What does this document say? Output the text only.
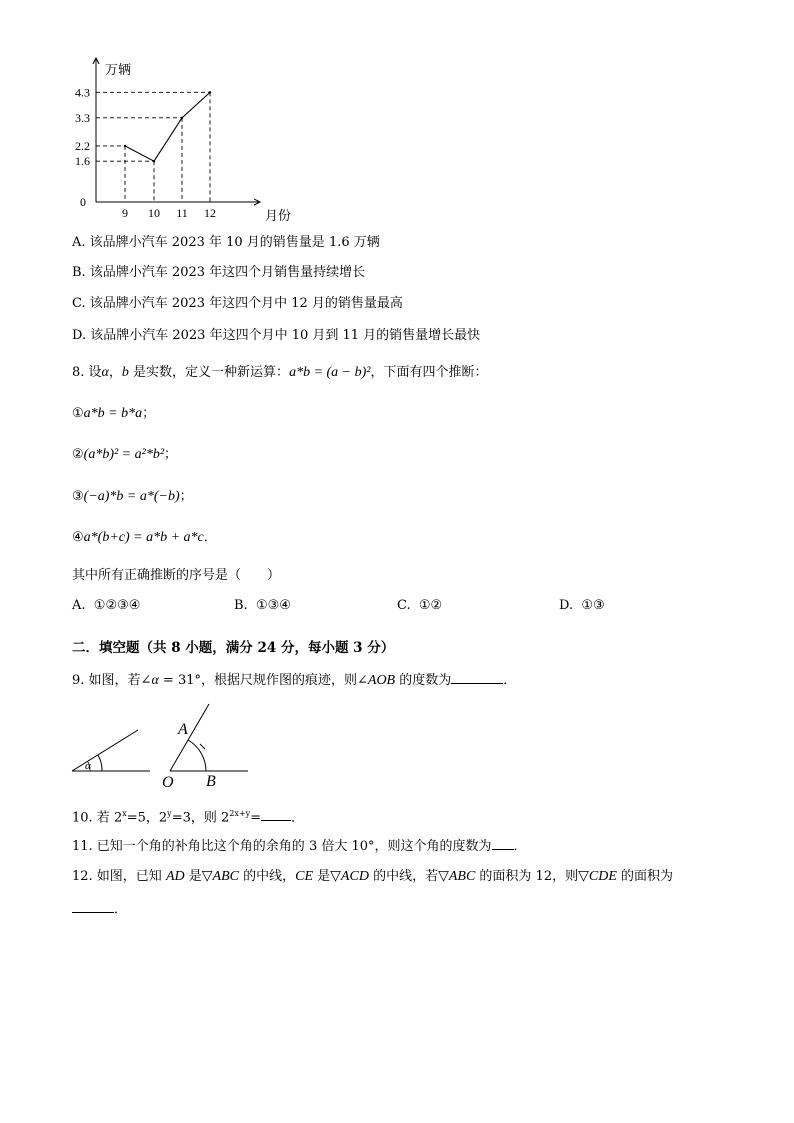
4.3
3.3
2.2
1.6
9 10 11 12
0
万辆
月份
A. 该品牌小汽车 2023 年 10 月的销售量是 1.6 万辆
B. 该品牌小汽车 2023 年这四个月销售量持续增长
C. 该品牌小汽车 2023 年这四个月中 12 月的销售量最高
D. 该品牌小汽车 2023 年这四个月中 10 月到 11 月的销售量增长最快
8. 设α，b 是实数，定义一种新运算：a*b = (a − b)²，下面有四个推断：
①a*b = b*a；
②(a*b)² = a²*b²；
③(−a)*b = a*(−b)；
④a*(b+c) = a*b + a*c．
其中所有正确推断的序号是（　　）
A. ①②③④	B. ①③④	C. ①②	D. ①③
二．填空题（共 8 小题，满分 24 分，每小题 3 分）
9. 如图，若∠α = 31°，根据尺规作图的痕迹，则∠AOB 的度数为	．
α
A
O B
10. 若 $2^x=5$，$2^y=3$，则 $2^{2x+y}=$ ．
11. 已知一个角的补角比这个角的余角的 3 倍大 10°，则这个角的度数为 ．
12. 如图，已知 AD 是▽ABC 的中线，CE 是▽ACD 的中线，若▽ABC 的面积为 12，则▽CDE 的面积为
．
